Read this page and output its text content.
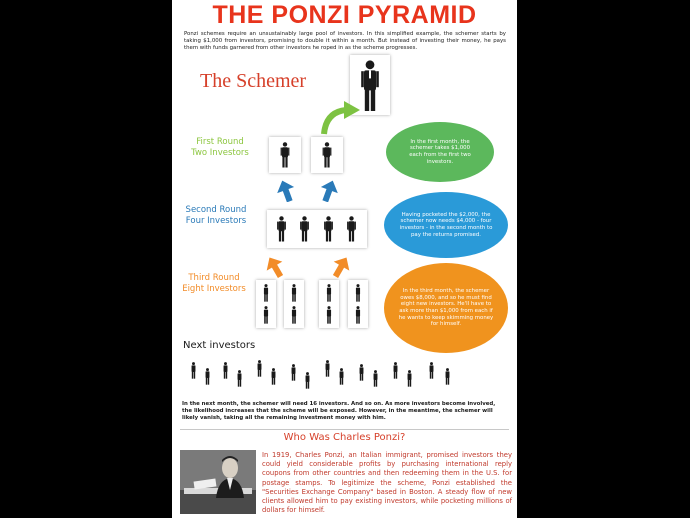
THE PONZI PYRAMID
Ponzi schemes require an unsustainably large pool of investors. In this simplified example, the schemer starts by taking $1,000 from investors, promising to double it within a month. But instead of investing their money, he pays them with funds garnered from other investors he roped in as the scheme progresses.
The Schemer
First Round
Two Investors
Second Round
Four Investors
Third Round
Eight Investors
In the first month, the schemer takes $1,000 each from the first two investors.
Having pocketed the $2,000, the schemer now needs $4,000 - four investors - in the second month to pay the returns promised.
In the third month, the schemer owes $8,000, and so he must find eight new investors. He'll have to ask more than $1,000 from each if he wants to keep skimming money for himself.
Next investors
In the next month, the schemer will need 16 investors. And so on. As more investors become involved, the likelihood increases that the scheme will be exposed. However, in the meantime, the schemer will likely vanish, taking all the remaining investment money with him.
Who Was Charles Ponzi?
In 1919, Charles Ponzi, an Italian immigrant, promised investors they could yield considerable profits by purchasing international reply coupons from other countries and then redeeming them in the U.S. for postage stamps. To legitimize the scheme, Ponzi established the "Securities Exchange Company" based in Boston. A steady flow of new clients allowed him to pay existing investors, while pocketing millions of dollars for himself.
